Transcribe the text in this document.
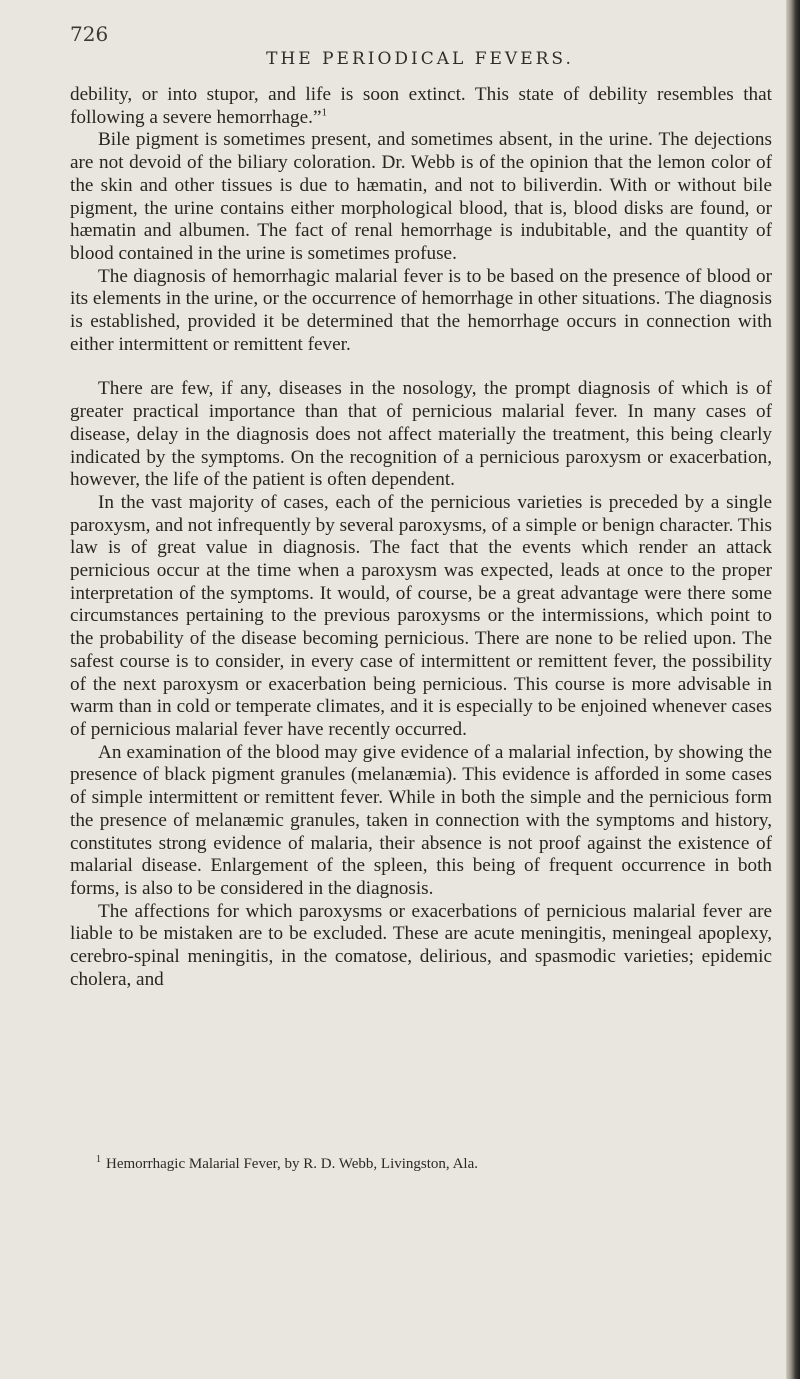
726
THE PERIODICAL FEVERS.

debility, or into stupor, and life is soon extinct. This state of debility resembles that following a severe hemorrhage.”$^1$

Bile pigment is sometimes present, and sometimes absent, in the urine. The dejections are not devoid of the biliary coloration. Dr. Webb is of the opinion that the lemon color of the skin and other tissues is due to hæmatin, and not to biliverdin. With or without bile pigment, the urine contains either morphological blood, that is, blood disks are found, or hæmatin and albumen. The fact of renal hemorrhage is indubitable, and the quantity of blood contained in the urine is sometimes profuse.

The diagnosis of hemorrhagic malarial fever is to be based on the presence of blood or its elements in the urine, or the occurrence of hemorrhage in other situations. The diagnosis is established, provided it be determined that the hemorrhage occurs in connection with either intermittent or remittent fever.

There are few, if any, diseases in the nosology, the prompt diagnosis of which is of greater practical importance than that of pernicious malarial fever. In many cases of disease, delay in the diagnosis does not affect materially the treatment, this being clearly indicated by the symptoms. On the recognition of a pernicious paroxysm or exacerbation, however, the life of the patient is often dependent.

In the vast majority of cases, each of the pernicious varieties is preceded by a single paroxysm, and not infrequently by several paroxysms, of a simple or benign character. This law is of great value in diagnosis. The fact that the events which render an attack pernicious occur at the time when a paroxysm was expected, leads at once to the proper interpretation of the symptoms. It would, of course, be a great advantage were there some circumstances pertaining to the previous paroxysms or the intermissions, which point to the probability of the disease becoming pernicious. There are none to be relied upon. The safest course is to consider, in every case of intermittent or remittent fever, the possibility of the next paroxysm or exacerbation being pernicious. This course is more advisable in warm than in cold or temperate climates, and it is especially to be enjoined whenever cases of pernicious malarial fever have recently occurred.

An examination of the blood may give evidence of a malarial infection, by showing the presence of black pigment granules (melanæmia). This evidence is afforded in some cases of simple intermittent or remittent fever. While in both the simple and the pernicious form the presence of melanæmic granules, taken in connection with the symptoms and history, constitutes strong evidence of malaria, their absence is not proof against the existence of malarial disease. Enlargement of the spleen, this being of frequent occurrence in both forms, is also to be considered in the diagnosis.

The affections for which paroxysms or exacerbations of pernicious malarial fever are liable to be mistaken are to be excluded. These are acute meningitis, meningeal apoplexy, cerebro-spinal meningitis, in the comatose, delirious, and spasmodic varieties; epidemic cholera, and

$^1$ Hemorrhagic Malarial Fever, by R. D. Webb, Livingston, Ala.
